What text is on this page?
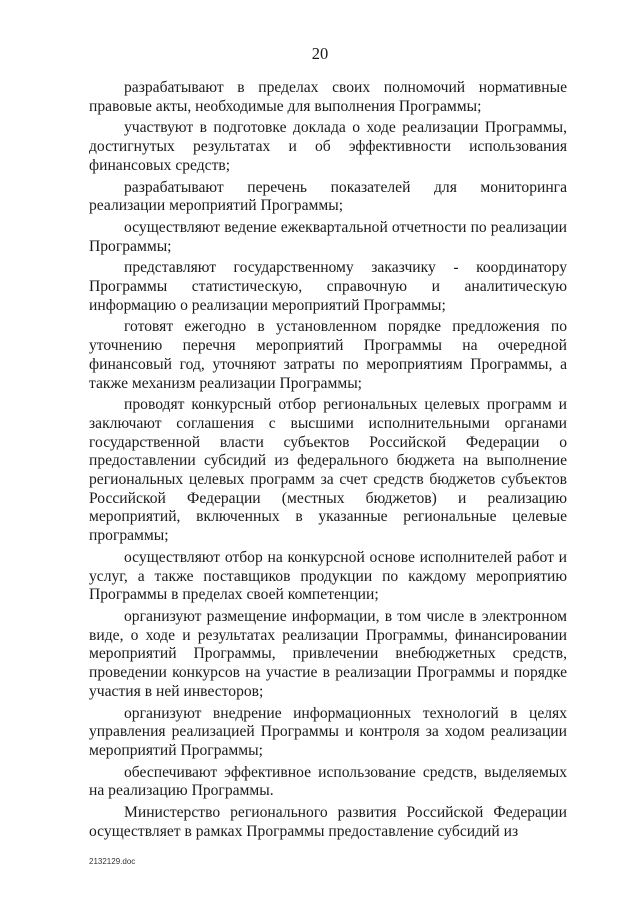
20

разрабатывают в пределах своих полномочий нормативные правовые акты, необходимые для выполнения Программы;

участвуют в подготовке доклада о ходе реализации Программы, достигнутых результатах и об эффективности использования финансовых средств;

разрабатывают перечень показателей для мониторинга реализации мероприятий Программы;

осуществляют ведение ежеквартальной отчетности по реализации Программы;

представляют государственному заказчику - координатору Программы статистическую, справочную и аналитическую информацию о реализации мероприятий Программы;

готовят ежегодно в установленном порядке предложения по уточнению перечня мероприятий Программы на очередной финансовый год, уточняют затраты по мероприятиям Программы, а также механизм реализации Программы;

проводят конкурсный отбор региональных целевых программ и заключают соглашения с высшими исполнительными органами государственной власти субъектов Российской Федерации о предоставлении субсидий из федерального бюджета на выполнение региональных целевых программ за счет средств бюджетов субъектов Российской Федерации (местных бюджетов) и реализацию мероприятий, включенных в указанные региональные целевые программы;

осуществляют отбор на конкурсной основе исполнителей работ и услуг, а также поставщиков продукции по каждому мероприятию Программы в пределах своей компетенции;

организуют размещение информации, в том числе в электронном виде, о ходе и результатах реализации Программы, финансировании мероприятий Программы, привлечении внебюджетных средств, проведении конкурсов на участие в реализации Программы и порядке участия в ней инвесторов;

организуют внедрение информационных технологий в целях управления реализацией Программы и контроля за ходом реализации мероприятий Программы;

обеспечивают эффективное использование средств, выделяемых на реализацию Программы.

Министерство регионального развития Российской Федерации осуществляет в рамках Программы предоставление субсидий из

2132129.doc
